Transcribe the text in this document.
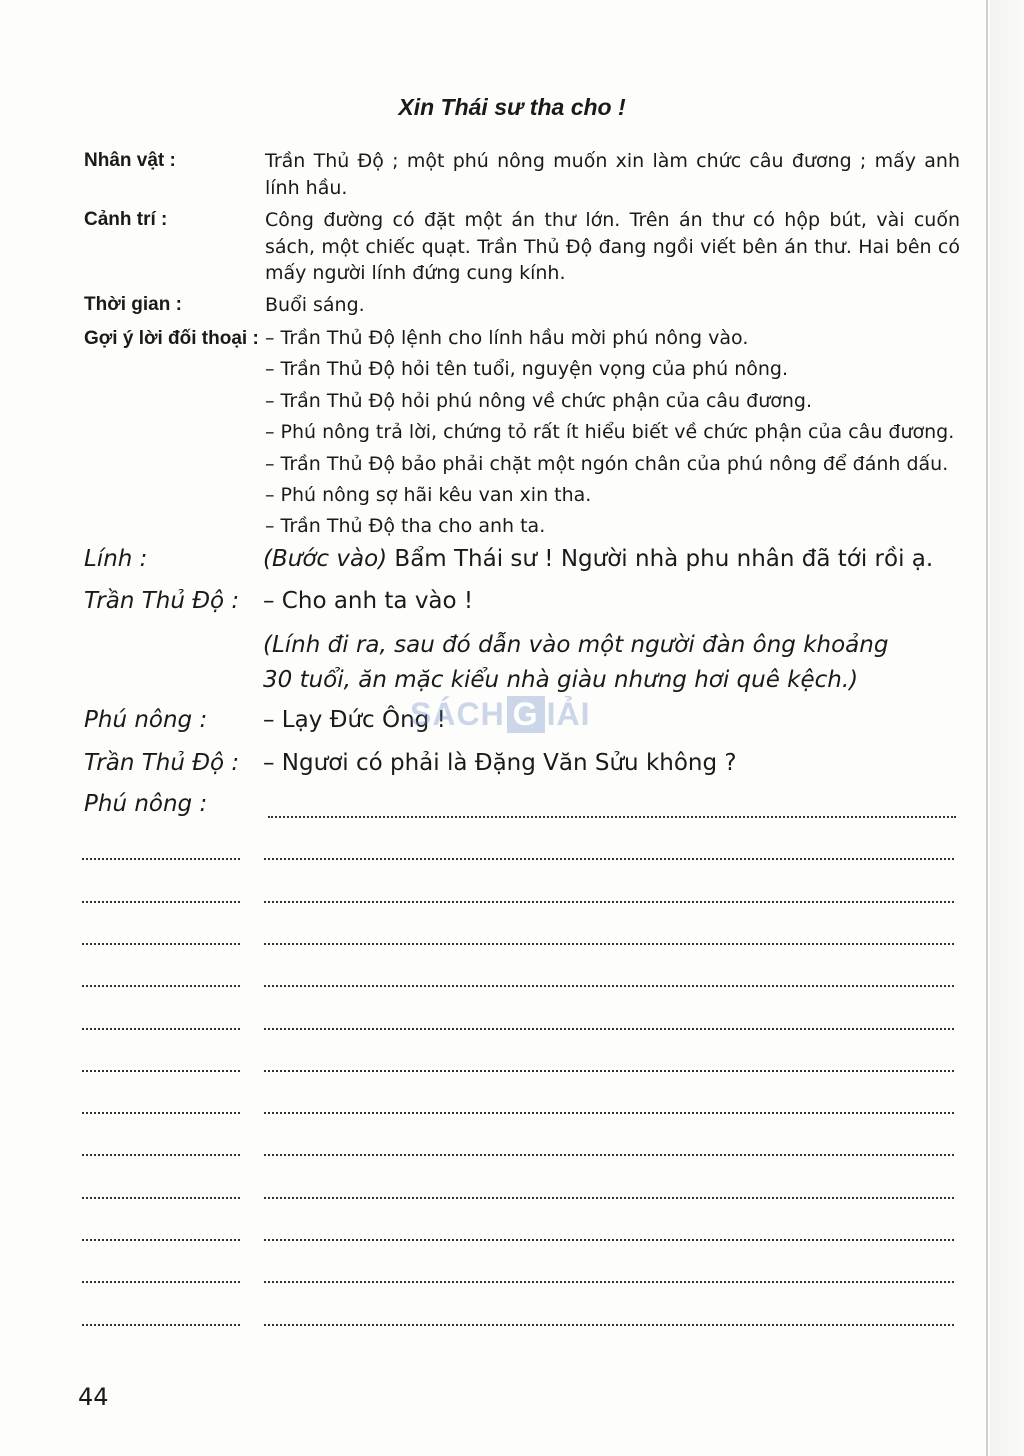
Xin Thái sư tha cho !
Nhân vật :	Trần Thủ Độ ; một phú nông muốn xin làm chức câu đương ; mấy anh lính hầu.
Cảnh trí :	Công đường có đặt một án thư lớn. Trên án thư có hộp bút, vài cuốn sách, một chiếc quạt. Trần Thủ Độ đang ngồi viết bên án thư. Hai bên có mấy người lính đứng cung kính.
Thời gian :	Buổi sáng.
Gợi ý lời đối thoại : – Trần Thủ Độ lệnh cho lính hầu mời phú nông vào.
– Trần Thủ Độ hỏi tên tuổi, nguyện vọng của phú nông.
– Trần Thủ Độ hỏi phú nông về chức phận của câu đương.
– Phú nông trả lời, chứng tỏ rất ít hiểu biết về chức phận của câu đương.
– Trần Thủ Độ bảo phải chặt một ngón chân của phú nông để đánh dấu.
– Phú nông sợ hãi kêu van xin tha.
– Trần Thủ Độ tha cho anh ta.
Lính :	(Bước vào) Bẩm Thái sư ! Người nhà phu nhân đã tới rồi ạ.
Trần Thủ Độ : – Cho anh ta vào !
(Lính đi ra, sau đó dẫn vào một người đàn ông khoảng
30 tuổi, ăn mặc kiểu nhà giàu nhưng hơi quê kệch.)
Phú nông : – Lạy Đức Ông !
Trần Thủ Độ : – Ngươi có phải là Đặng Văn Sửu không ?
Phú nông :
SÁCH G IẢI
44
